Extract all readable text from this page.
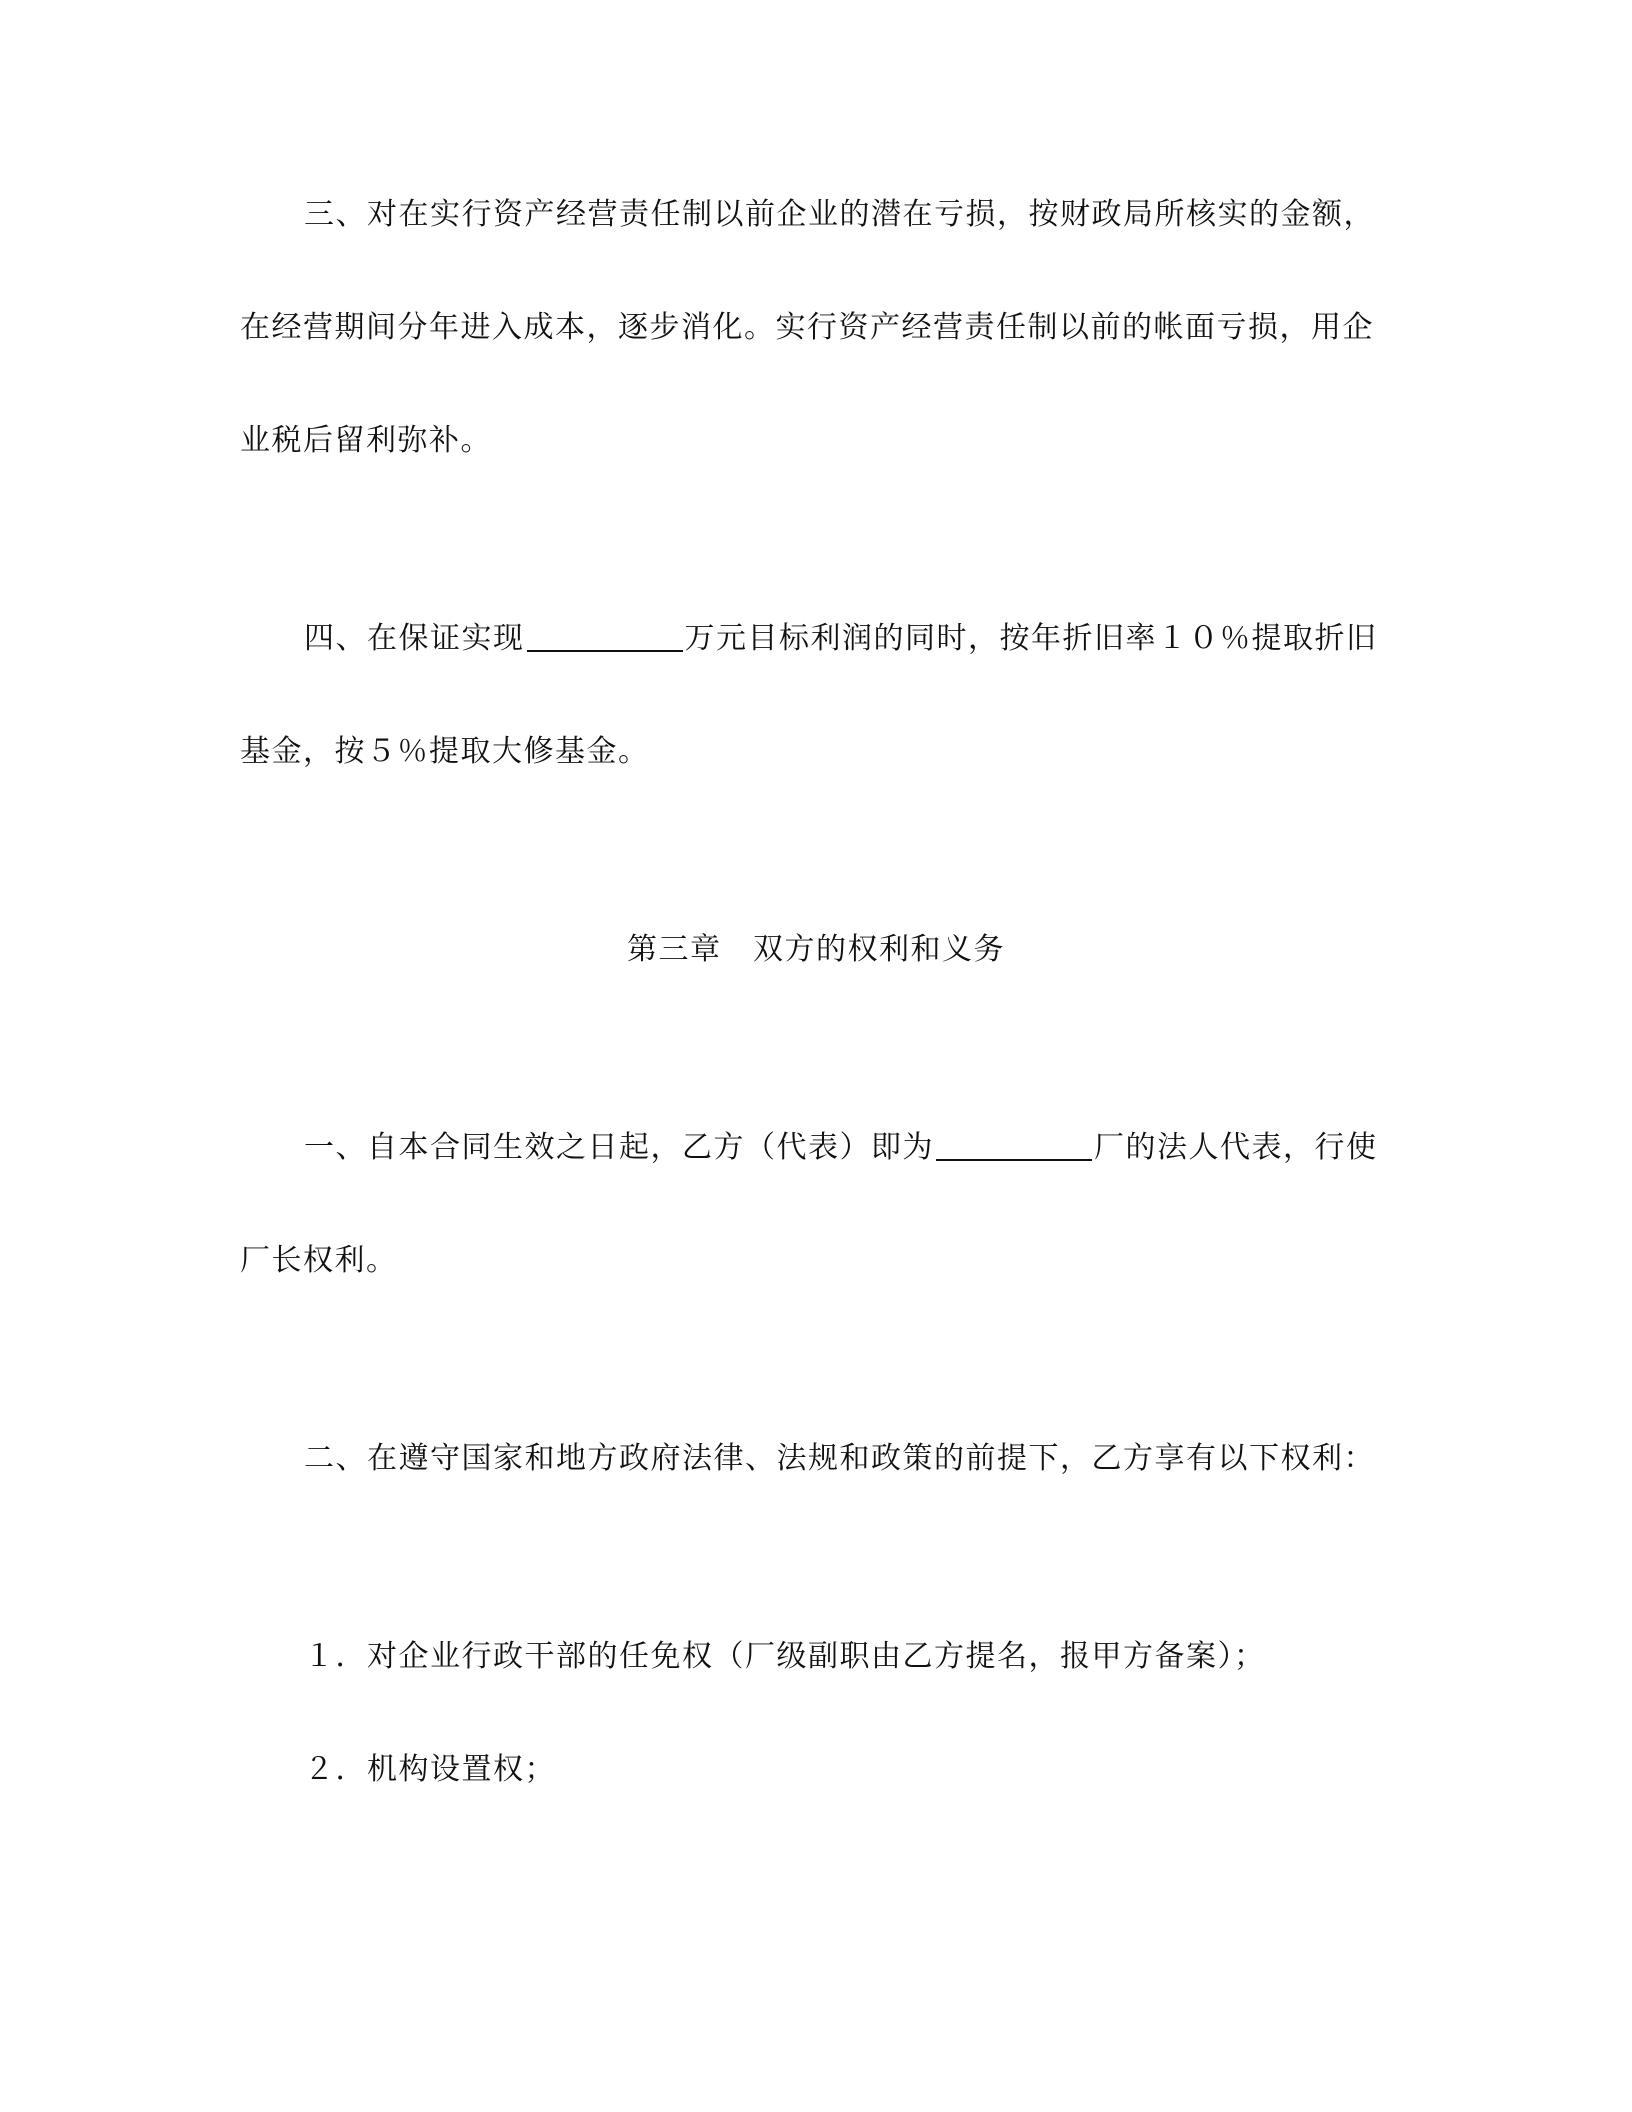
三、对在实行资产经营责任制以前企业的潜在亏损，按财政局所核实的金额，
在经营期间分年进入成本，逐步消化。实行资产经营责任制以前的帐面亏损，用企
业税后留利弥补。
四、在保证实现	万元目标利润的同时，按年折旧率１０％提取折旧
基金，按５％提取大修基金。
第三章　双方的权利和义务
一、自本合同生效之日起，乙方（代表）即为	厂的法人代表，行使
厂长权利。
二、在遵守国家和地方政府法律、法规和政策的前提下，乙方享有以下权利：
１．对企业行政干部的任免权（厂级副职由乙方提名，报甲方备案）；
２．机构设置权；
